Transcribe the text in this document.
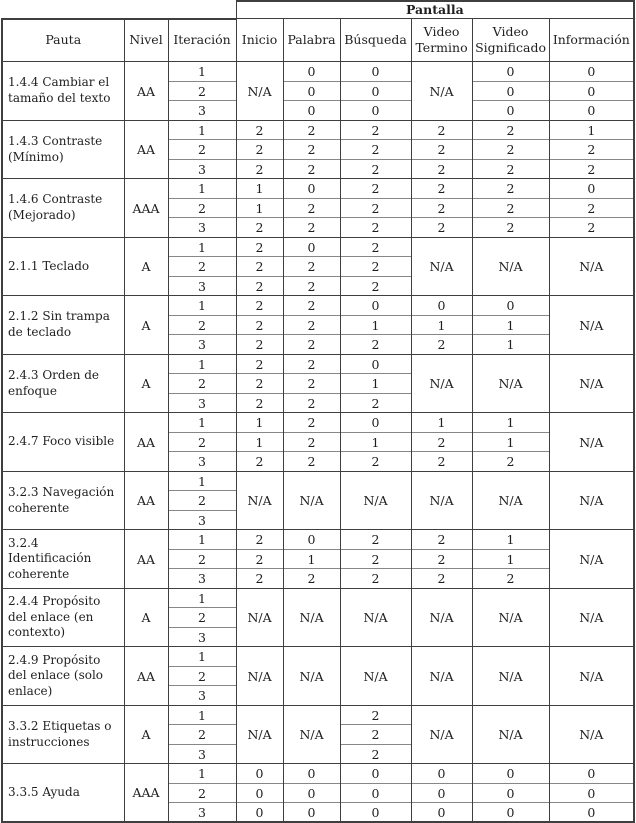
			Pantalla					
Pauta	Nivel	Iteración	Inicio	Palabra	Búsqueda	Video Termino	Video Significado	Información
1.4.4 Cambiar el tamaño del texto	AA	1	N/A	0	0	N/A	0	0
		2		0	0		0	0
		3		0	0		0	0
1.4.3 Contraste (Mínimo)	AA	1	2	2	2	2	2	1
		2	2	2	2	2	2	2
		3	2	2	2	2	2	2
1.4.6 Contraste (Mejorado)	AAA	1	1	0	2	2	2	0
		2	1	2	2	2	2	2
		3	2	2	2	2	2	2
2.1.1 Teclado	A	1	2	0	2	N/A	N/A	N/A
		2	2	2	2			
		3	2	2	2			
2.1.2 Sin trampa de teclado	A	1	2	2	0	0	0	N/A
		2	2	2	1	1	1	
		3	2	2	2	2	1	
2.4.3 Orden de enfoque	A	1	2	2	0	N/A	N/A	N/A
		2	2	2	1			
		3	2	2	2			
2.4.7 Foco visible	AA	1	1	2	0	1	1	N/A
		2	1	2	1	2	1	
		3	2	2	2	2	2	
3.2.3 Navegación coherente	AA	1	N/A	N/A	N/A	N/A	N/A	N/A
		2						
		3						
3.2.4 Identificación coherente	AA	1	2	0	2	2	1	N/A
		2	2	1	2	2	1	
		3	2	2	2	2	2	
2.4.4 Propósito del enlace (en contexto)	A	1	N/A	N/A	N/A	N/A	N/A	N/A
		2						
		3						
2.4.9 Propósito del enlace (solo enlace)	AA	1	N/A	N/A	N/A	N/A	N/A	N/A
		2						
		3						
3.3.2 Etiquetas o instrucciones	A	1	N/A	N/A	2	N/A	N/A	N/A
		2			2			
		3			2			
3.3.5 Ayuda	AAA	1	0	0	0	0	0	0
		2	0	0	0	0	0	0
		3	0	0	0	0	0	0
